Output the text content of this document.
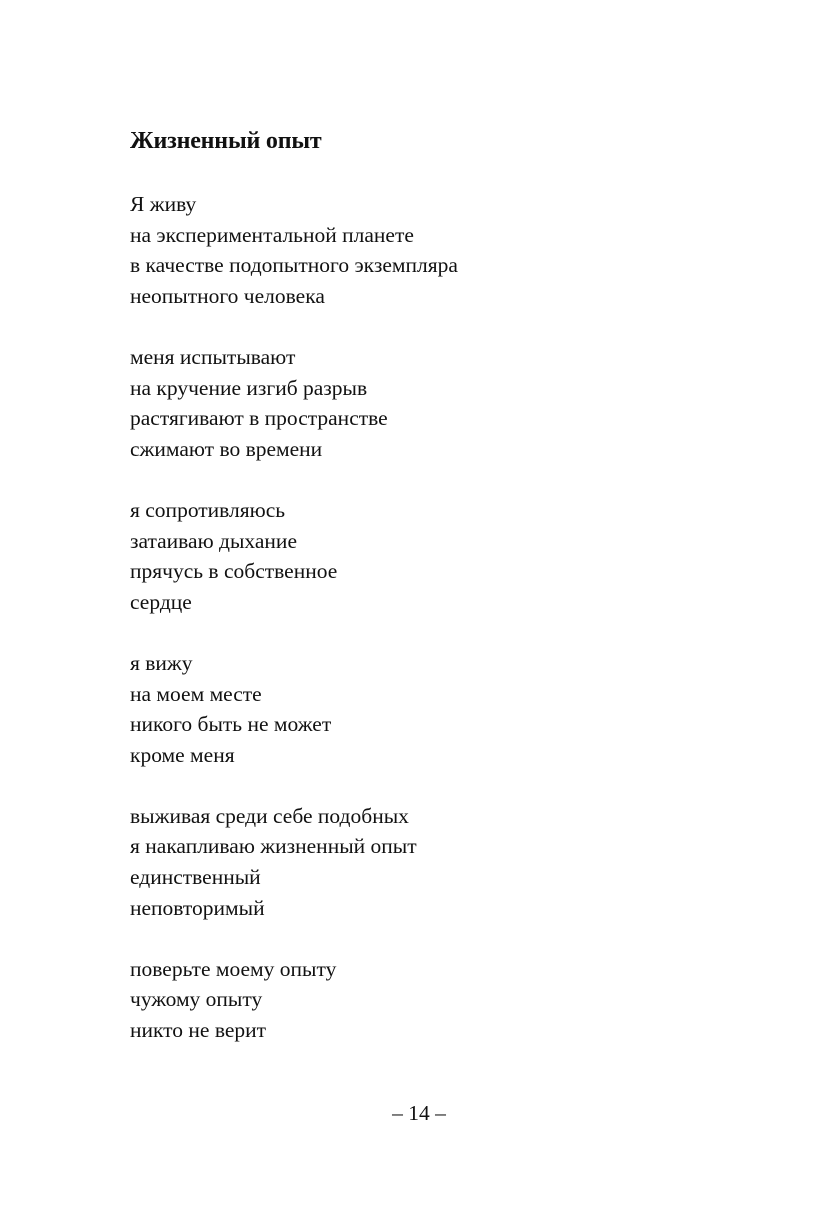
Жизненный опыт
Я живу
на экспериментальной планете
в качестве подопытного экземпляра
неопытного человека
меня испытывают
на кручение изгиб разрыв
растягивают в пространстве
сжимают во времени
я сопротивляюсь
затаиваю дыхание
прячусь в собственное
сердце
я вижу
на моем месте
никого быть не может
кроме меня
выживая среди себе подобных
я накапливаю жизненный опыт
единственный
неповторимый
поверьте моему опыту
чужому опыту
никто не верит
– 14 –
